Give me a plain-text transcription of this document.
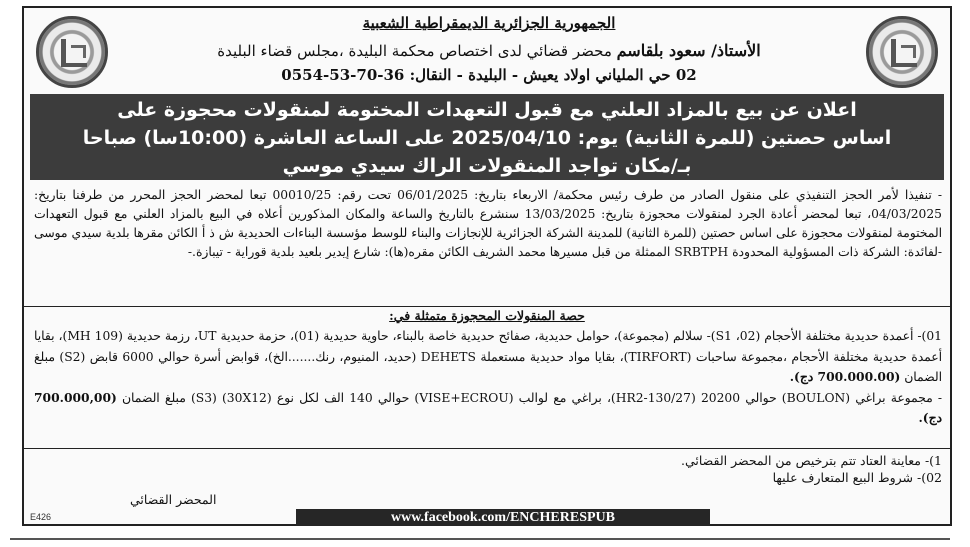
الجمهورية الجزائرية الديمقراطية الشعبية
الأستاذ/ سعود بلقاسم محضر قضائي لدى اختصاص محكمة البليدة ،مجلس قضاء البليدة
02 حي الملياني اولاد يعيش - البليدة - النقال: 36-70-53-0554
اعلان عن بيع بالمزاد العلني مع قبول التعهدات المختومة لمنقولات محجوزة على
اساس حصتين (للمرة الثانية) يوم: 2025/04/10 على الساعة العاشرة (10:00سا) صباحا
بـ/مكان تواجد المنقولات الراك سيدي موسي
- تنفيذا لأمر الحجز التنفيذي على منقول الصادر من طرف رئيس محكمة/ الاربعاء بتاريخ: 06/01/2025 تحت رقم: 00010/25 تبعا لمحضر الحجز المحرر من طرفنا بتاريخ: 04/03/2025، تبعا لمحضر أعادة الجرد لمنقولات محجوزة بتاريخ: 13/03/2025 سنشرع بالتاريخ والساعة والمكان المذكورين أعلاه في البيع بالمزاد العلني مع قبول التعهدات المختومة لمنقولات محجوزة على اساس حصتين (للمرة الثانية) للمدينة الشركة الجزائرية للإنجازات والبناء للوسط مؤسسة البناءات الحديدية ش ذ أ الكائن مقرها بلدية سيدي موسى -لفائدة: الشركة ذات المسؤولية المحدودة SRBTPH الممثلة من قبل مسيرها محمد الشريف الكائن مقره(ها): شارع إيدير بلعيد بلدية قوراية - تيبازة.-
حصة المنقولات المحجوزة متمثلة في:
01)- أعمدة حديدية مختلفة الأحجام (02، S1)- سلالم (مجموعة)، حوامل حديدية، صفائح حديدية خاصة بالبناء، حاوية حديدية (01)، حزمة حديدية UT، رزمة حديدية (109 MH)، بقايا أعمدة حديدية مختلفة الأحجام ،مجموعة ساحبات (TIRFORT)، بقايا مواد حديدية مستعملة DEHETS (حديد، المنيوم، رنك.......الخ)، قوابض أسرة حوالي 6000 قابض (S2) مبلغ الضمان (700.000.00 دج).
- مجموعة براغي (BOULON) حوالي 20200 (HR2-130/27)، براغي مع لوالب (VISE+ECROU) حوالي 140 الف لكل نوع (30X12) (S3) مبلغ الضمان (700.000,00 دج).
1)- معاينة العتاد تتم بترخيص من المحضر القضائي.
02)- شروط البيع المتعارف عليها
المحضر القضائي
E426	www.facebook.com/ENCHERESPUB
